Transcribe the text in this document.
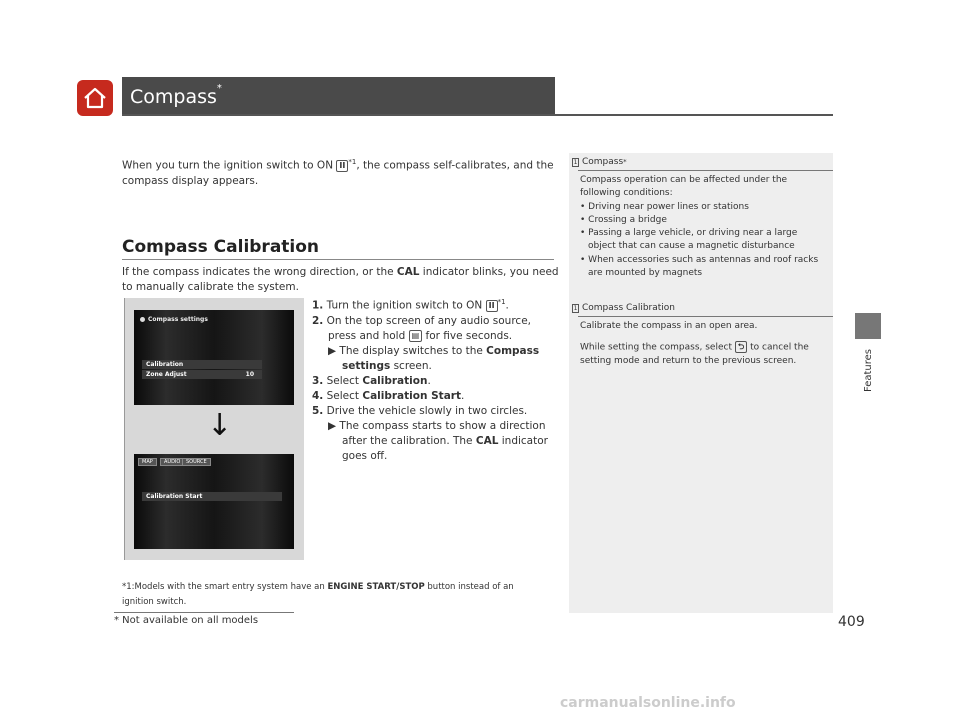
Compass*
Features
When you turn the ignition switch to ON II $^{*1}$, the compass self-calibrates, and the
compass display appears.
Compass Calibration
If the compass indicates the wrong direction, or the CAL indicator blinks, you need
to manually calibrate the system.
Compass settings
Calibration
Zone Adjust	10
↓
MAP	AUDIO	SOURCE
Calibration Start
1. Turn the ignition switch to ON II $^{*1}$.
2. On the top screen of any audio source,
press and hold ▤ for five seconds.
▶ The display switches to the Compass
settings screen.
3. Select Calibration.
4. Select Calibration Start.
5. Drive the vehicle slowly in two circles.
▶ The compass starts to show a direction
after the calibration. The CAL indicator
goes off.
*1:Models with the smart entry system have an ENGINE START/STOP button instead of an
ignition switch.
1 Compass *
Compass operation can be affected under the
following conditions:
• Driving near power lines or stations
• Crossing a bridge
• Passing a large vehicle, or driving near a large
object that can cause a magnetic disturbance
• When accessories such as antennas and roof racks
are mounted by magnets
1 Compass Calibration
Calibrate the compass in an open area.
While setting the compass, select ⮌ to cancel the
setting mode and return to the previous screen.
* Not available on all models	409
carmanualsonline.info
